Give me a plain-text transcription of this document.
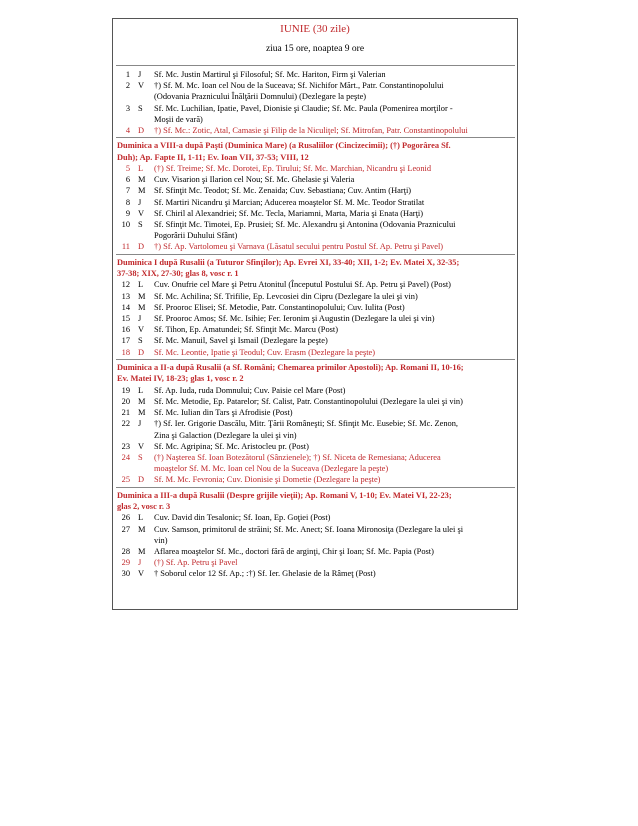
IUNIE (30 zile)
ziua 15 ore, noaptea 9 ore
1 J	Sf. Mc. Justin Martirul şi Filosoful; Sf. Mc. Hariton, Firm şi Valerian
2 V	†) Sf. M. Mc. Ioan cel Nou de la Suceava; Sf. Nichifor Mărt., Patr. Constantinopolului
(Odovania Praznicului Înălţării Domnului) (Dezlegare la peşte)
3 S	Sf. Mc. Luchilian, Ipatie, Pavel, Dionisie şi Claudie; Sf. Mc. Paula (Pomenirea morţilor -
Moşii de vară)
4 D	†) Sf. Mc.: Zotic, Atal, Camasie şi Filip de la Niculiţel; Sf. Mitrofan, Patr. Constantinopolului
Duminica a VIII-a după Paşti (Duminica Mare) (a Rusaliilor (Cincizecimii); (†) Pogorârea Sf.
Duh); Ap. Fapte II, 1-11; Ev. Ioan VII, 37-53; VIII, 12
5 L	(†) Sf. Treime; Sf. Mc. Dorotei, Ep. Tirului; Sf. Mc. Marchian, Nicandru şi Leonid
6 M	Cuv. Visarion şi Ilarion cel Nou; Sf. Mc. Ghelasie şi Valeria
7 M	Sf. Sfinţit Mc. Teodot; Sf. Mc. Zenaida; Cuv. Sebastiana; Cuv. Antim (Harţi)
8 J	Sf. Martiri Nicandru şi Marcian; Aducerea moaştelor Sf. M. Mc. Teodor Stratilat
9 V	Sf. Chiril al Alexandriei; Sf. Mc. Tecla, Mariamni, Marta, Maria şi Enata (Harţi)
10 S	Sf. Sfinţit Mc. Timotei, Ep. Prusiei; Sf. Mc. Alexandru şi Antonina (Odovania Praznicului
Pogorârii Duhului Sfânt)
11 D	†) Sf. Ap. Vartolomeu şi Varnava (Lăsatul secului pentru Postul Sf. Ap. Petru şi Pavel)
Duminica I după Rusalii (a Tuturor Sfinţilor); Ap. Evrei XI, 33-40; XII, 1-2; Ev. Matei X, 32-35;
37-38; XIX, 27-30; glas 8, vosc r. 1
12 L	Cuv. Onufrie cel Mare şi Petru Atonitul (Începutul Postului Sf. Ap. Petru şi Pavel) (Post)
13 M	Sf. Mc. Achilina; Sf. Trifilie, Ep. Levcosiei din Cipru (Dezlegare la ulei şi vin)
14 M	Sf. Prooroc Elisei; Sf. Metodie, Patr. Constantinopolului; Cuv. Iulita (Post)
15 J	Sf. Prooroc Amos; Sf. Mc. Isihie; Fer. Ieronim şi Augustin (Dezlegare la ulei şi vin)
16 V	Sf. Tihon, Ep. Amatundei; Sf. Sfinţit Mc. Marcu (Post)
17 S	Sf. Mc. Manuil, Savel şi Ismail (Dezlegare la peşte)
18 D	Sf. Mc. Leontie, Ipatie şi Teodul; Cuv. Erasm (Dezlegare la peşte)
Duminica a II-a după Rusalii (a Sf. Români; Chemarea primilor Apostoli); Ap. Romani II, 10-16;
Ev. Matei IV, 18-23; glas 1, vosc r. 2
19 L	Sf. Ap. Iuda, ruda Domnului; Cuv. Paisie cel Mare (Post)
20 M	Sf. Mc. Metodie, Ep. Patarelor; Sf. Calist, Patr. Constantinopolului (Dezlegare la ulei şi vin)
21 M	Sf. Mc. Iulian din Tars şi Afrodisie (Post)
22 J	†) Sf. Ier. Grigorie Dascălu, Mitr. Ţării Româneşti; Sf. Sfinţit Mc. Eusebie; Sf. Mc. Zenon,
Zina şi Galaction (Dezlegare la ulei şi vin)
23 V	Sf. Mc. Agripina; Sf. Mc. Aristocleu pr. (Post)
24 S	(†) Naşterea Sf. Ioan Botezătorul (Sânzienele); †) Sf. Niceta de Remesiana; Aducerea
moaştelor Sf. M. Mc. Ioan cel Nou de la Suceava (Dezlegare la peşte)
25 D	Sf. M. Mc. Fevronia; Cuv. Dionisie şi Dometie (Dezlegare la peşte)
Duminica a III-a după Rusalii (Despre grijile vieţii); Ap. Romani V, 1-10; Ev. Matei VI, 22-23;
glas 2, vosc r. 3
26 L	Cuv. David din Tesalonic; Sf. Ioan, Ep. Goţiei (Post)
27 M	Cuv. Samson, primitorul de străini; Sf. Mc. Anect; Sf. Ioana Mironosiţa (Dezlegare la ulei şi
vin)
28 M	Aflarea moaştelor Sf. Mc., doctori fără de arginţi, Chir şi Ioan; Sf. Mc. Papia (Post)
29 J	(†) Sf. Ap. Petru şi Pavel
30 V	† Soborul celor 12 Sf. Ap.; :†) Sf. Ier. Ghelasie de la Râmeţ (Post)
